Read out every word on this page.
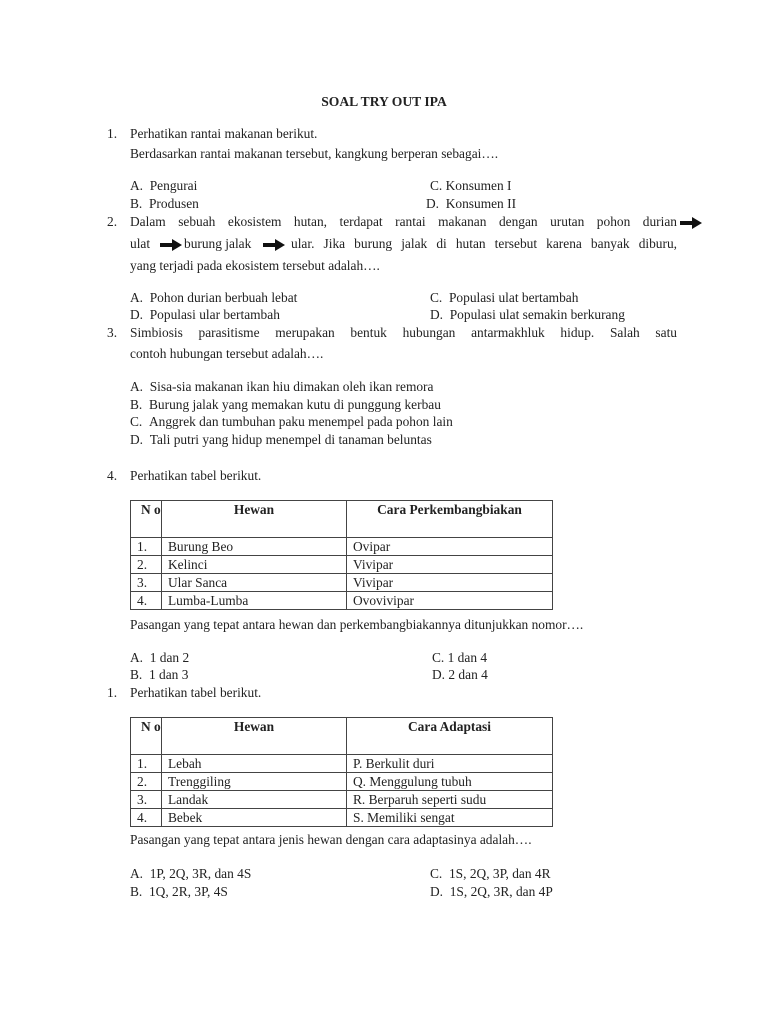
SOAL TRY OUT IPA
1. Perhatikan rantai makanan berikut.
Berdasarkan rantai makanan tersebut, kangkung berperan sebagai….
A. Pengurai	C. Konsumen I
B. Produsen	D. Konsumen II
2. Dalam sebuah ekosistem hutan, terdapat rantai makanan dengan urutan pohon durian
ulat	burung jalak	ular. Jika burung jalak di hutan tersebut karena banyak diburu,
yang terjadi pada ekosistem tersebut adalah….
A. Pohon durian berbuah lebat	C. Populasi ulat bertambah
D. Populasi ular bertambah	D. Populasi ulat semakin berkurang
3. Simbiosis parasitisme merupakan bentuk hubungan antarmakhluk hidup. Salah satu
contoh hubungan tersebut adalah….
A. Sisa-sia makanan ikan hiu dimakan oleh ikan remora
B. Burung jalak yang memakan kutu di punggung kerbau
C. Anggrek dan tumbuhan paku menempel pada pohon lain
D. Tali putri yang hidup menempel di tanaman beluntas
4. Perhatikan tabel berikut.
N o	Hewan	Cara Perkembangbiakan
1.	Burung Beo	Ovipar
2.	Kelinci	Vivipar
3.	Ular Sanca	Vivipar
4.	Lumba-Lumba	Ovovivipar
Pasangan yang tepat antara hewan dan perkembangbiakannya ditunjukkan nomor….
A. 1 dan 2	C. 1 dan 4
B. 1 dan 3	D. 2 dan 4
1. Perhatikan tabel berikut.
N o	Hewan	Cara Adaptasi
1.	Lebah	P. Berkulit duri
2.	Trenggiling	Q. Menggulung tubuh
3.	Landak	R. Berparuh seperti sudu
4.	Bebek	S. Memiliki sengat
Pasangan yang tepat antara jenis hewan dengan cara adaptasinya adalah….
A. 1P, 2Q, 3R, dan 4S	C. 1S, 2Q, 3P, dan 4R
B. 1Q, 2R, 3P, 4S	D. 1S, 2Q, 3R, dan 4P
